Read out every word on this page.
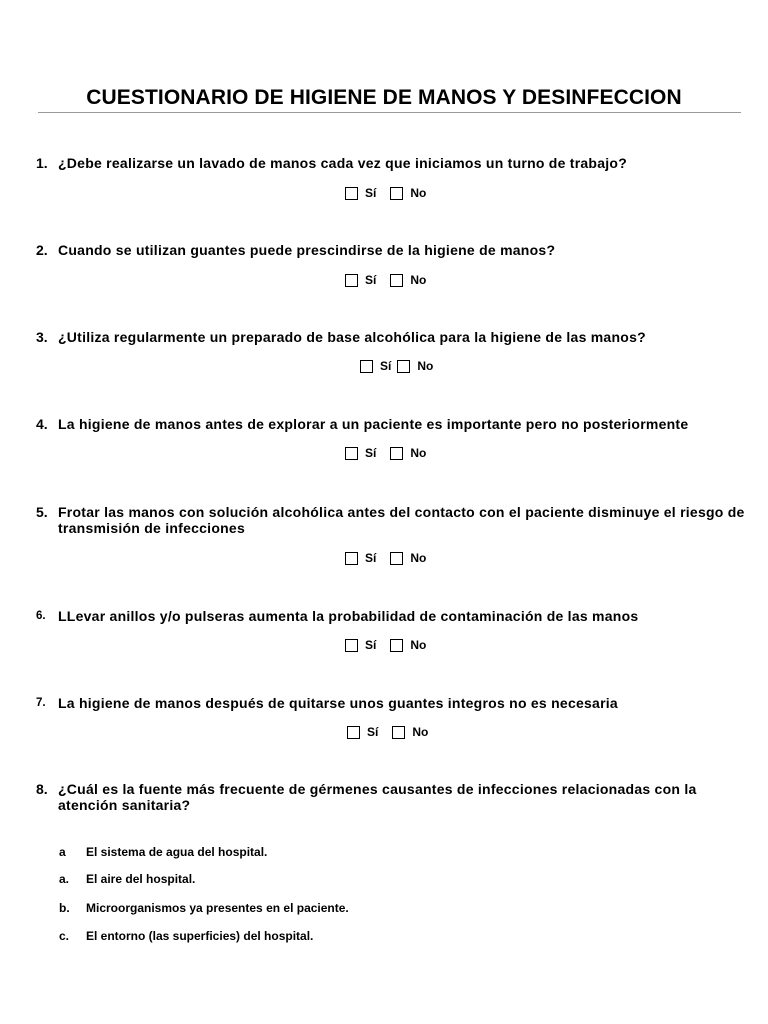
CUESTIONARIO DE HIGIENE DE MANOS Y DESINFECCION
1. ¿Debe realizarse un lavado de manos cada vez que iniciamos un turno de trabajo?
Sí	No
2. Cuando se utilizan guantes puede prescindirse de la higiene de manos?
Sí	No
3. ¿Utiliza regularmente un preparado de base alcohólica para la higiene de las manos?
Sí No
4. La higiene de manos antes de explorar a un paciente es importante pero no posteriormente
Sí	No
5. Frotar las manos con solución alcohólica antes del contacto con el paciente disminuye el riesgo de transmisión de infecciones
Sí	No
6. LLevar anillos y/o pulseras aumenta la probabilidad de contaminación de las manos
Sí	No
7. La higiene de manos después de quitarse unos guantes integros no es necesaria
Sí	No
8. ¿Cuál es la fuente más frecuente de gérmenes causantes de infecciones relacionadas con la atención sanitaria?
a	El sistema de agua del hospital.
a.	El aire del hospital.
b.	Microorganismos ya presentes en el paciente.
c.	El entorno (las superficies) del hospital.
